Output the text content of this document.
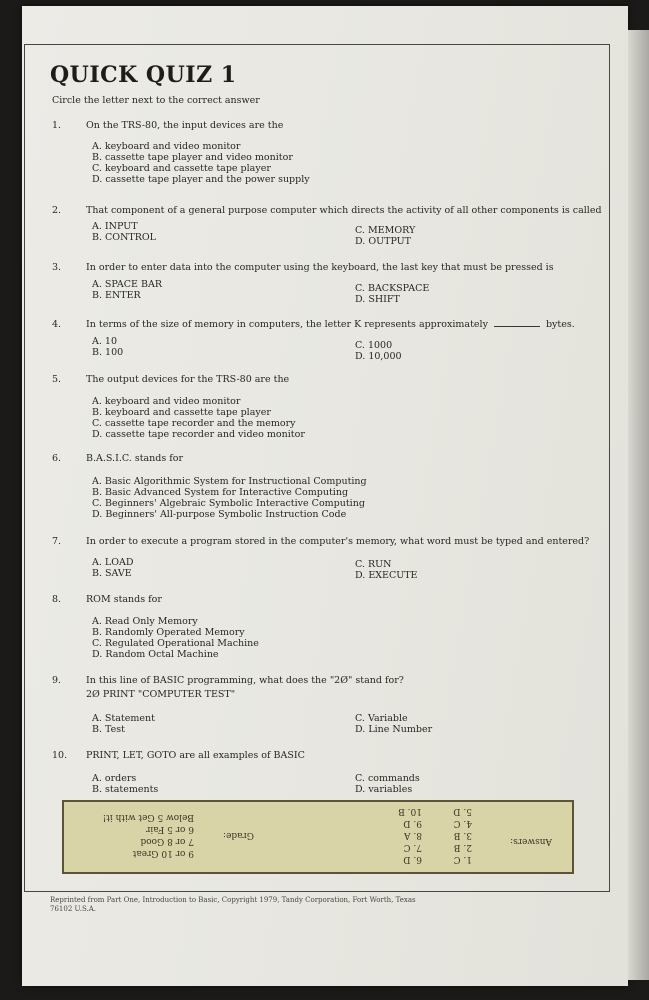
QUICK QUIZ 1
Circle the letter next to the correct answer
1.	On the TRS-80, the input devices are the
A. keyboard and video monitor
B. cassette tape player and video monitor
C. keyboard and cassette tape player
D. cassette tape player and the power supply
2.	That component of a general purpose computer which directs the activity of all other components is called
A. INPUT
B. CONTROL
C. MEMORY
D. OUTPUT
3.	In order to enter data into the computer using the keyboard, the last key that must be pressed is
A. SPACE BAR
B. ENTER
C. BACKSPACE
D. SHIFT
4.	In terms of the size of memory in computers, the letter K represents approximately	bytes.
A. 10
B. 100
C. 1000
D. 10,000
5.	The output devices for the TRS-80 are the
A. keyboard and video monitor
B. keyboard and cassette tape player
C. cassette tape recorder and the memory
D. cassette tape recorder and video monitor
6.	B.A.S.I.C. stands for
A. Basic Algorithmic System for Instructional Computing
B. Basic Advanced System for Interactive Computing
C. Beginners' Algebraic Symbolic Interactive Computing
D. Beginners' All-purpose Symbolic Instruction Code
7.	In order to execute a program stored in the computer's memory, what word must be typed and entered?
A. LOAD
B. SAVE
C. RUN
D. EXECUTE
8.	ROM stands for
A. Read Only Memory
B. Randomly Operated Memory
C. Regulated Operational Machine
D. Random Octal Machine
9.	In this line of BASIC programming, what does the "2Ø" stand for?
2Ø PRINT "COMPUTER TEST"
A. Statement
B. Test
C. Variable
D. Line Number
10. PRINT, LET, GOTO are all examples of BASIC
A. orders
B. statements
C. commands
D. variables
Answers:
1. C
2. B
3. B
4. C
5. D
6. D
7. C
8. A
9. D
10. B
Grade:
9 or 10 Great
7 or 8 Good
6 or 5 Fair
Below 5 Get with it!
Reprinted from Part One, Introduction to Basic, Copyright 1979, Tandy Corporation, Fort Worth, Texas 76102 U.S.A.
